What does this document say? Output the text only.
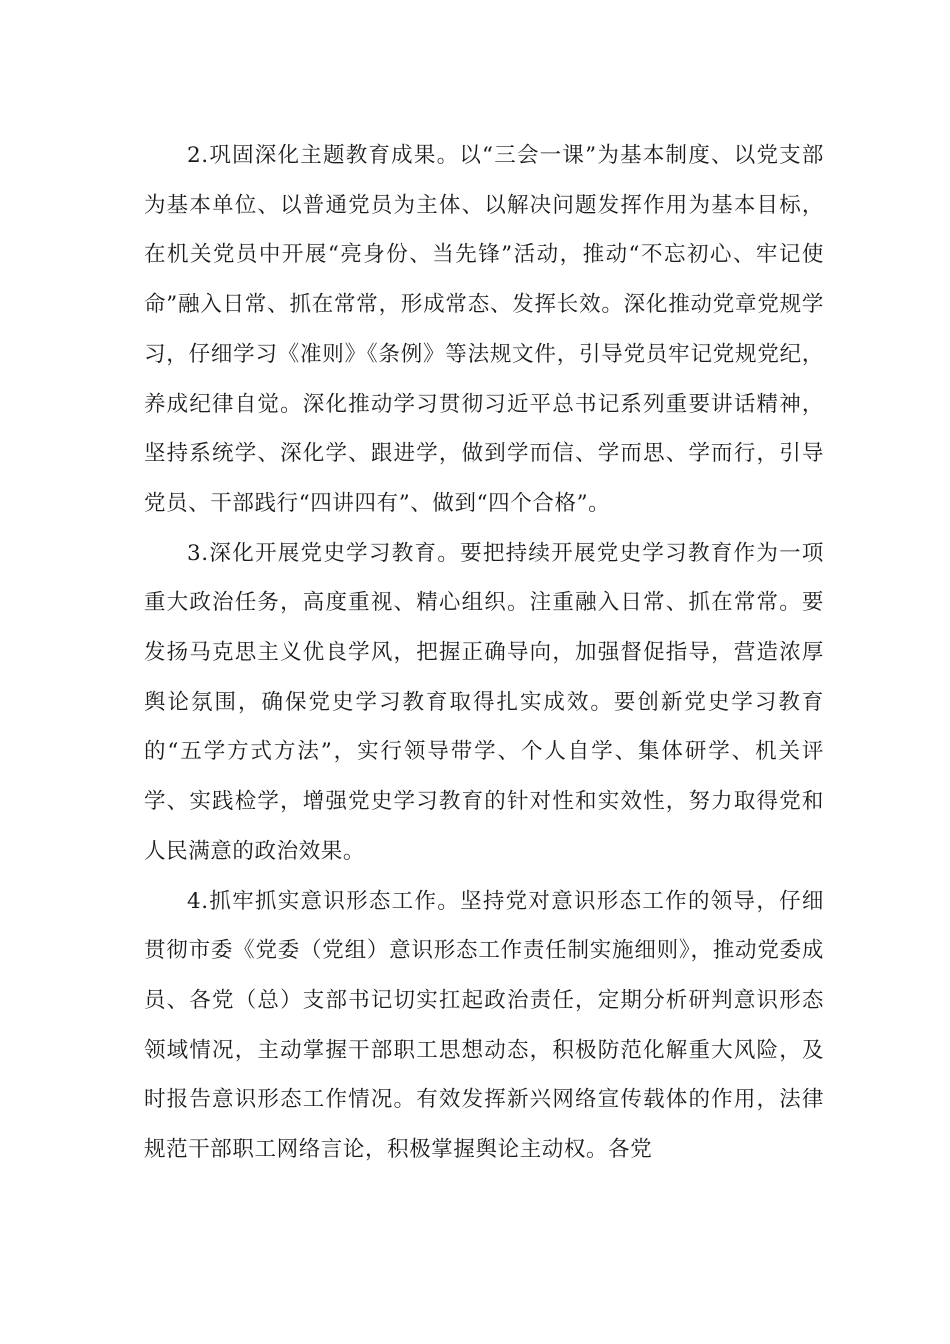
2.巩固深化主题教育成果。以“三会一课”为基本制度、以党支部为基本单位、以普通党员为主体、以解决问题发挥作用为基本目标，在机关党员中开展“亮身份、当先锋”活动，推动“不忘初心、牢记使命”融入日常、抓在常常，形成常态、发挥长效。深化推动党章党规学习，仔细学习《准则》《条例》等法规文件，引导党员牢记党规党纪，养成纪律自觉。深化推动学习贯彻习近平总书记系列重要讲话精神，坚持系统学、深化学、跟进学，做到学而信、学而思、学而行，引导党员、干部践行“四讲四有”、做到“四个合格”。

3.深化开展党史学习教育。要把持续开展党史学习教育作为一项重大政治任务，高度重视、精心组织。注重融入日常、抓在常常。要发扬马克思主义优良学风，把握正确导向，加强督促指导，营造浓厚舆论氛围，确保党史学习教育取得扎实成效。要创新党史学习教育的“五学方式方法”，实行领导带学、个人自学、集体研学、机关评学、实践检学，增强党史学习教育的针对性和实效性，努力取得党和人民满意的政治效果。

4.抓牢抓实意识形态工作。坚持党对意识形态工作的领导，仔细贯彻市委《党委（党组）意识形态工作责任制实施细则》，推动党委成员、各党（总）支部书记切实扛起政治责任，定期分析研判意识形态领域情况，主动掌握干部职工思想动态，积极防范化解重大风险，及时报告意识形态工作情况。有效发挥新兴网络宣传载体的作用，法律规范干部职工网络言论，积极掌握舆论主动权。各党
